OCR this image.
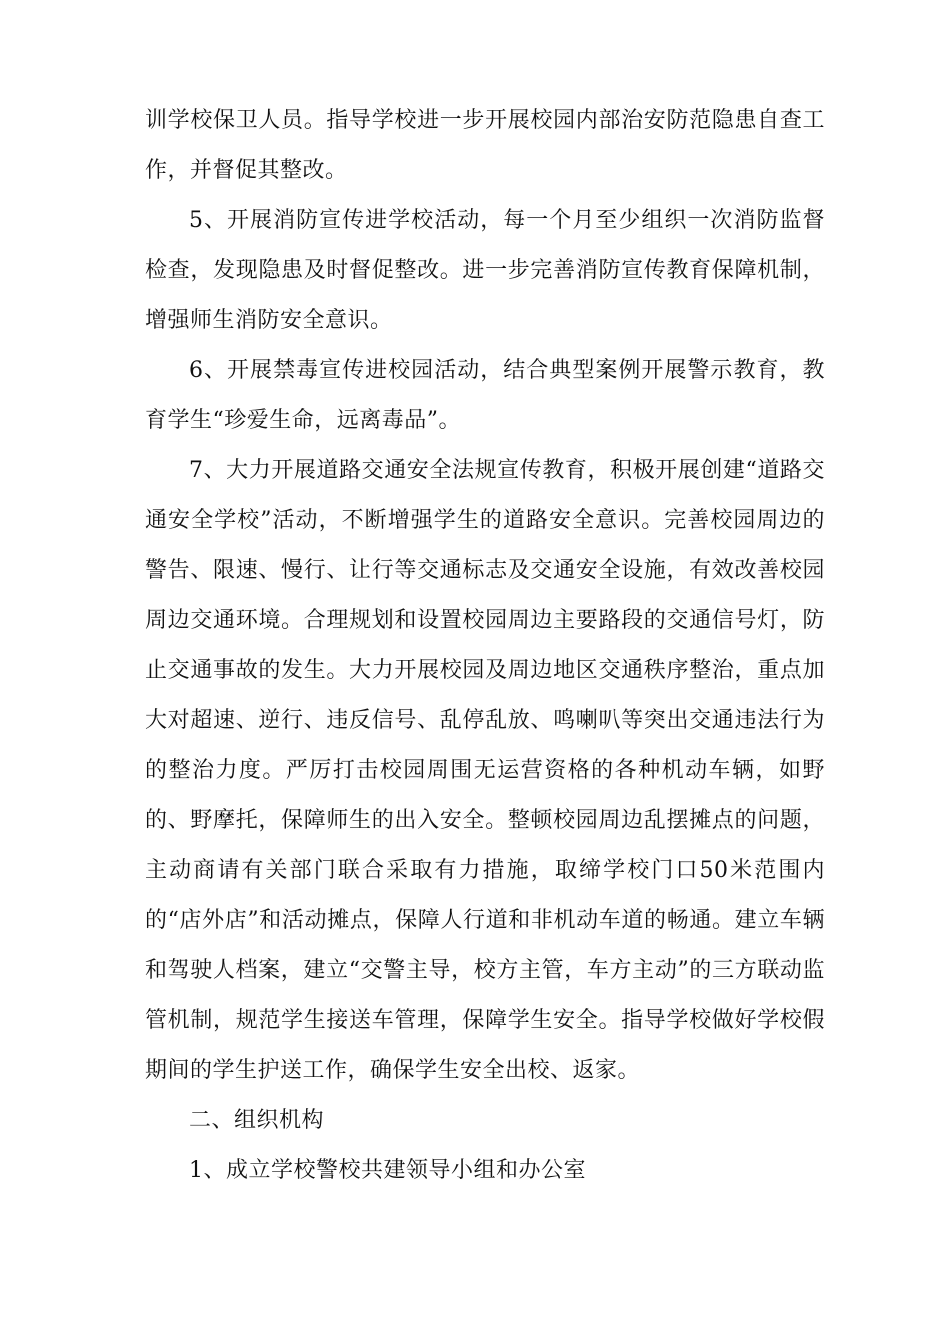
训学校保卫人员。指导学校进一步开展校园内部治安防范隐患自查工作，并督促其整改。

5、开展消防宣传进学校活动，每一个月至少组织一次消防监督检查，发现隐患及时督促整改。进一步完善消防宣传教育保障机制，增强师生消防安全意识。

6、开展禁毒宣传进校园活动，结合典型案例开展警示教育，教育学生“珍爱生命，远离毒品”。

7、大力开展道路交通安全法规宣传教育，积极开展创建“道路交通安全学校”活动，不断增强学生的道路安全意识。完善校园周边的警告、限速、慢行、让行等交通标志及交通安全设施，有效改善校园周边交通环境。合理规划和设置校园周边主要路段的交通信号灯，防止交通事故的发生。大力开展校园及周边地区交通秩序整治，重点加大对超速、逆行、违反信号、乱停乱放、鸣喇叭等突出交通违法行为的整治力度。严厉打击校园周围无运营资格的各种机动车辆，如野的、野摩托，保障师生的出入安全。整顿校园周边乱摆摊点的问题，主动商请有关部门联合采取有力措施，取缔学校门口50米范围内的“店外店”和活动摊点，保障人行道和非机动车道的畅通。建立车辆和驾驶人档案，建立“交警主导，校方主管，车方主动”的三方联动监管机制，规范学生接送车管理，保障学生安全。指导学校做好学校假期间的学生护送工作，确保学生安全出校、返家。

二、组织机构

1、成立学校警校共建领导小组和办公室
